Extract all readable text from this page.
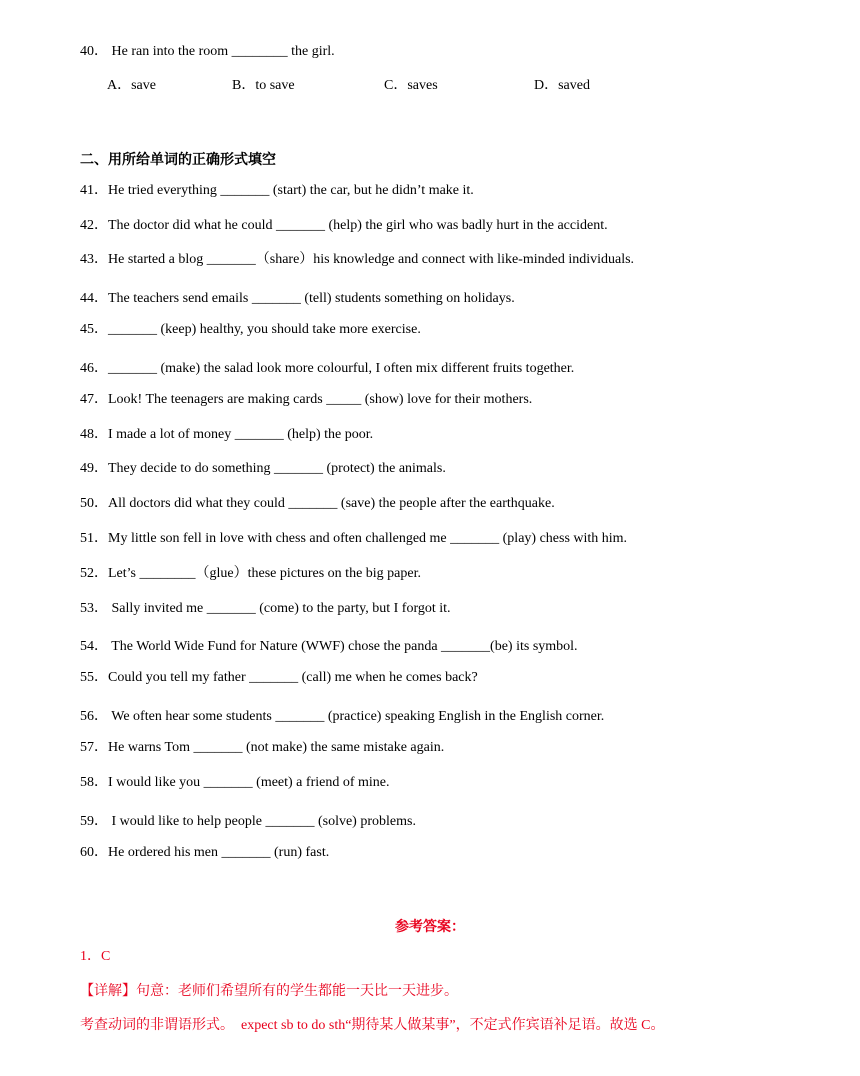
40． He ran into the room ________ the girl.
A．save	B．to save	C．saves	D．saved
二、用所给单词的正确形式填空
41．He tried everything _______ (start) the car, but he didn’t make it.
42．The doctor did what he could _______ (help) the girl who was badly hurt in the accident.
43．He started a blog _______（share）his knowledge and connect with like-minded individuals.
44．The teachers send emails _______ (tell) students something on holidays.
45．_______ (keep) healthy, you should take more exercise.
46．_______ (make) the salad look more colourful, I often mix different fruits together.
47．Look! The teenagers are making cards _____ (show) love for their mothers.
48．I made a lot of money _______ (help) the poor.
49．They decide to do something _______ (protect) the animals.
50．All doctors did what they could _______ (save) the people after the earthquake.
51．My little son fell in love with chess and often challenged me _______ (play) chess with him.
52．Let’s ________（glue）these pictures on the big paper.
53． Sally invited me _______ (come) to the party, but I forgot it.
54． The World Wide Fund for Nature (WWF) chose the panda _______(be) its symbol.
55．Could you tell my father _______ (call) me when he comes back?
56． We often hear some students _______ (practice) speaking English in the English corner.
57．He warns Tom _______ (not make) the same mistake again.
58．I would like you _______ (meet) a friend of mine.
59． I would like to help people _______ (solve) problems.
60．He ordered his men _______ (run) fast.
参考答案：
1．C
【详解】句意：老师们希望所有的学生都能一天比一天进步。
考查动词的非谓语形式。　expect sb to do sth“期待某人做某事”，不定式作宾语补足语。故选 C。
